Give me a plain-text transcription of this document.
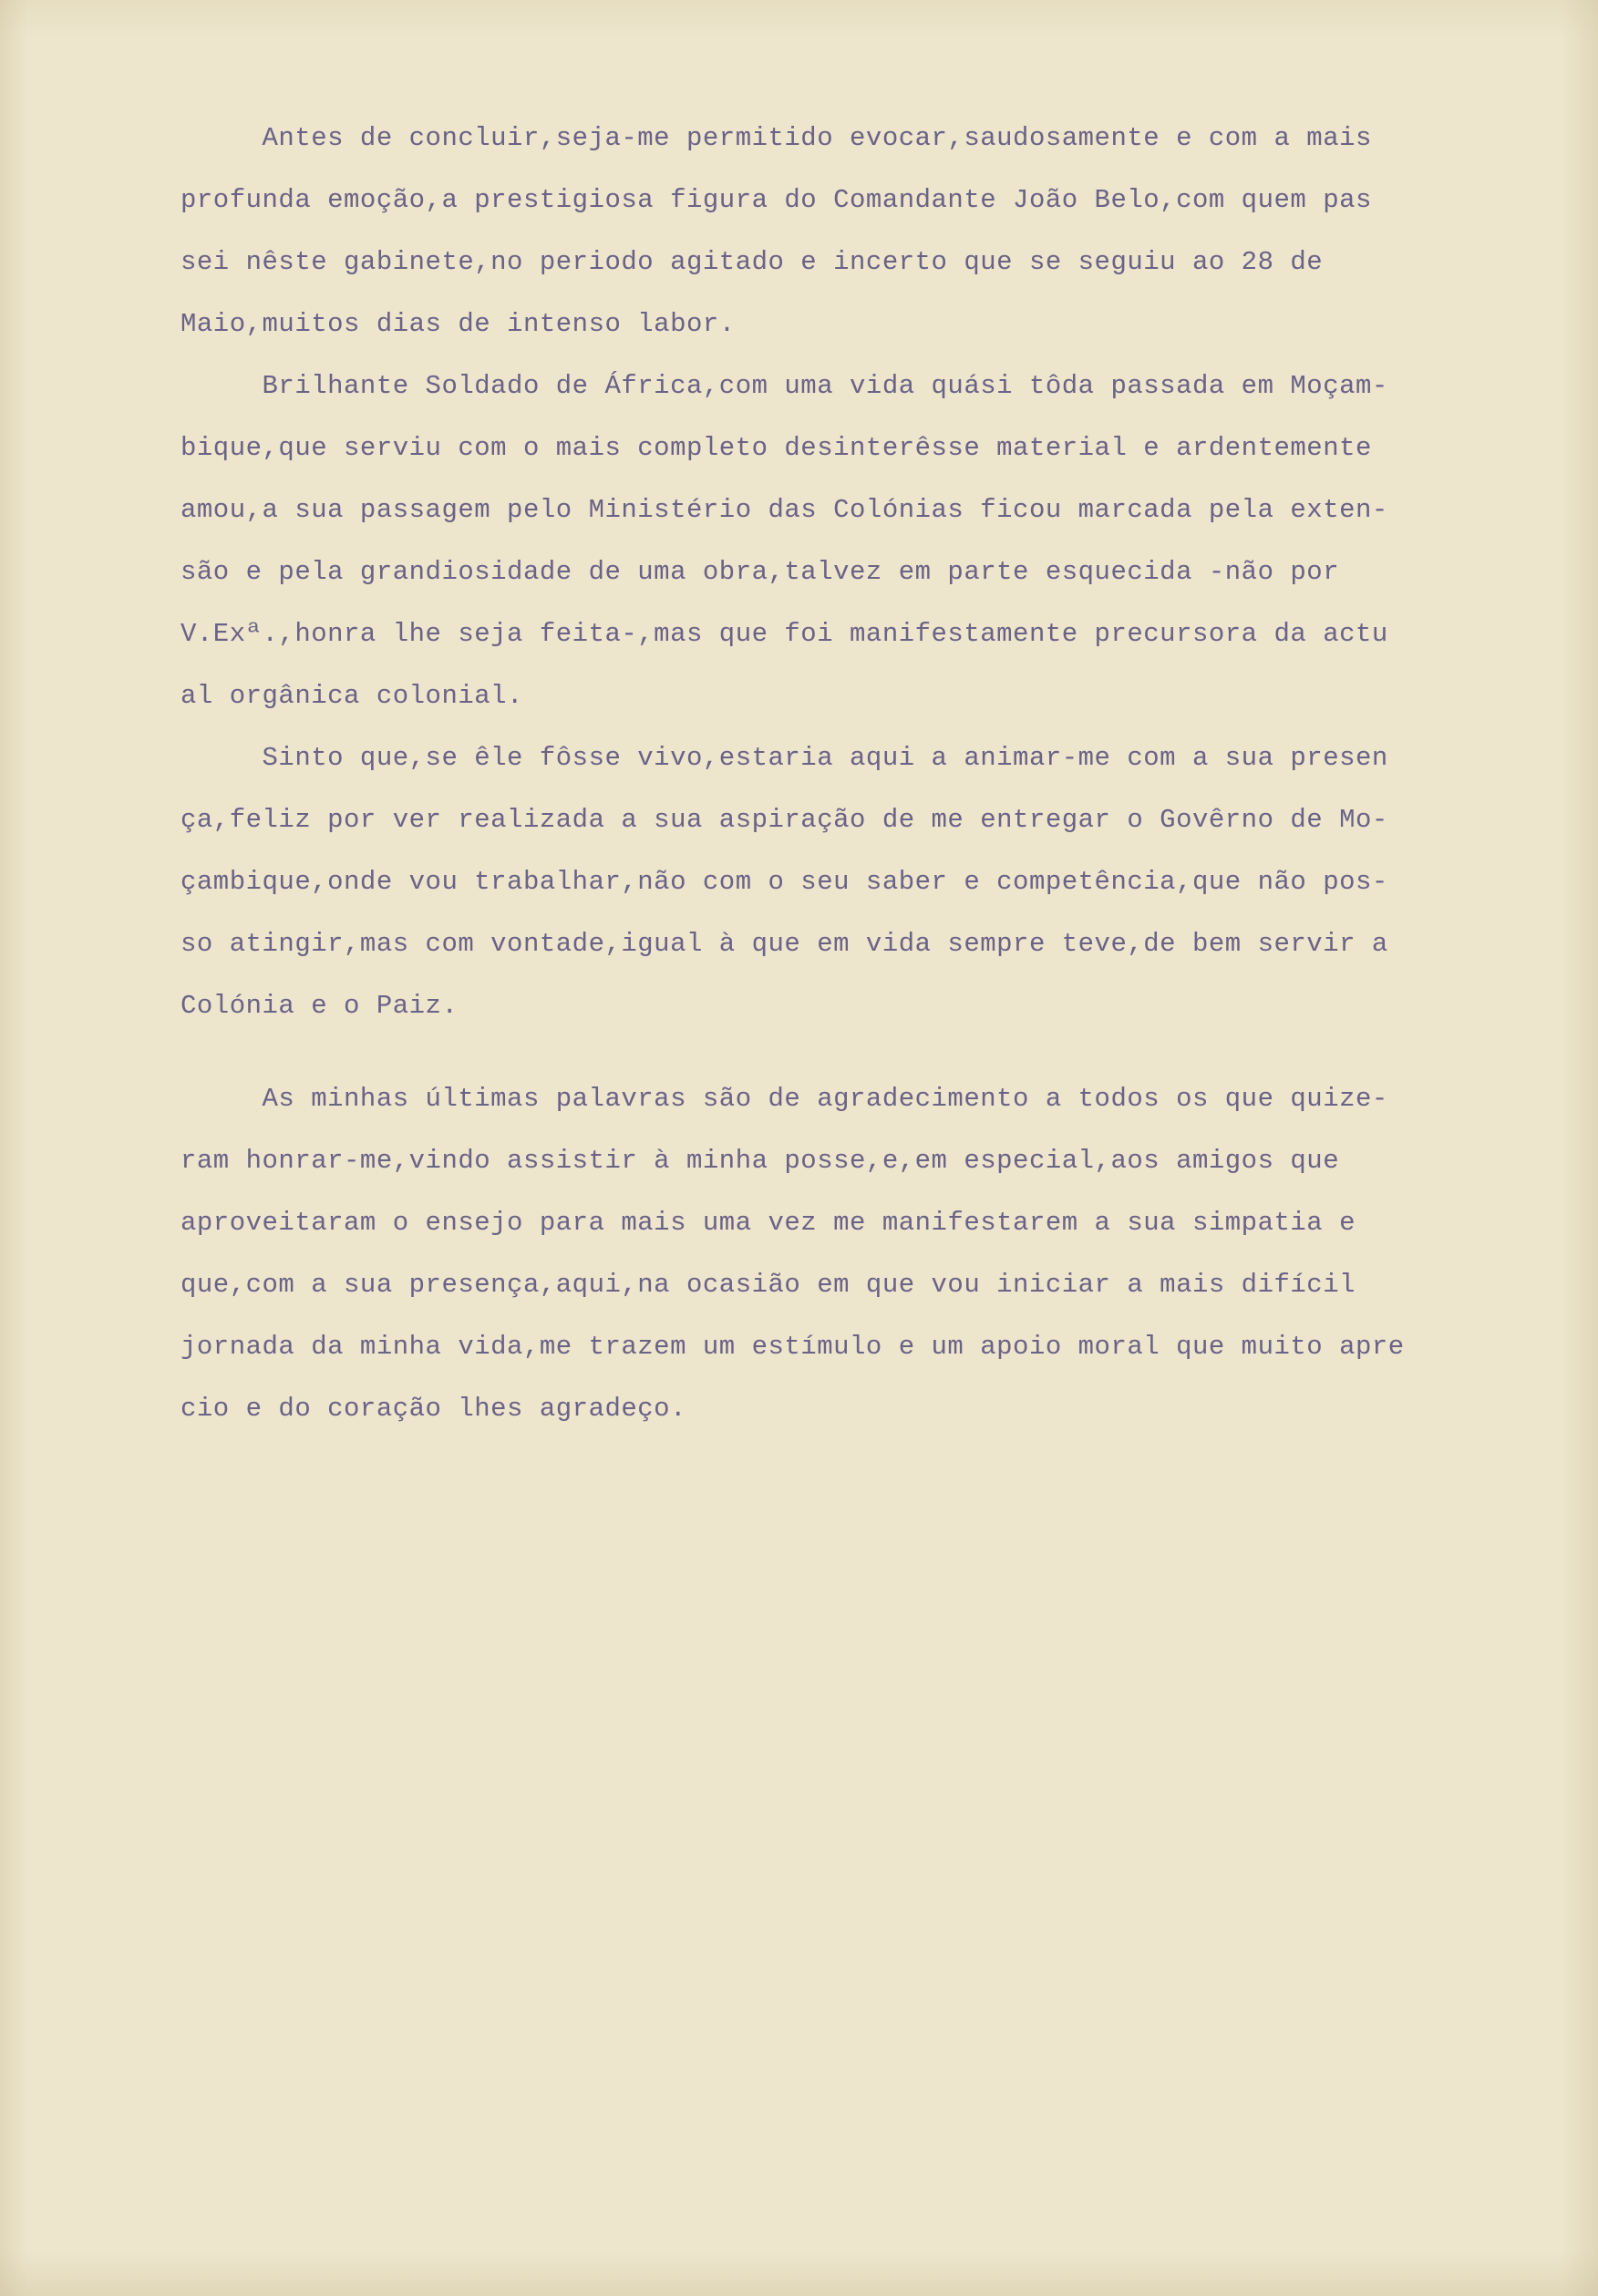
Antes de concluir,seja-me permitido evocar,saudosamente e com a mais
profunda emoção,a prestigiosa figura do Comandante João Belo,com quem pas
sei nêste gabinete,no periodo agitado e incerto que se seguiu ao 28 de
Maio,muitos dias de intenso labor.
Brilhante Soldado de África,com uma vida quási tôda passada em Moçam-
bique,que serviu com o mais completo desinterêsse material e ardentemente
amou,a sua passagem pelo Ministério das Colónias ficou marcada pela exten-
são e pela grandiosidade de uma obra,talvez em parte esquecida -não por
V.Exª.,honra lhe seja feita-,mas que foi manifestamente precursora da actu
al orgânica colonial.
Sinto que,se êle fôsse vivo,estaria aqui a animar-me com a sua presen
ça,feliz por ver realizada a sua aspiração de me entregar o Govêrno de Mo-
çambique,onde vou trabalhar,não com o seu saber e competência,que não pos-
so atingir,mas com vontade,igual à que em vida sempre teve,de bem servir a
Colónia e o Paiz.
As minhas últimas palavras são de agradecimento a todos os que quize-
ram honrar-me,vindo assistir à minha posse,e,em especial,aos amigos que
aproveitaram o ensejo para mais uma vez me manifestarem a sua simpatia e
que,com a sua presença,aqui,na ocasião em que vou iniciar a mais difícil
jornada da minha vida,me trazem um estímulo e um apoio moral que muito apre
cio e do coração lhes agradeço.
